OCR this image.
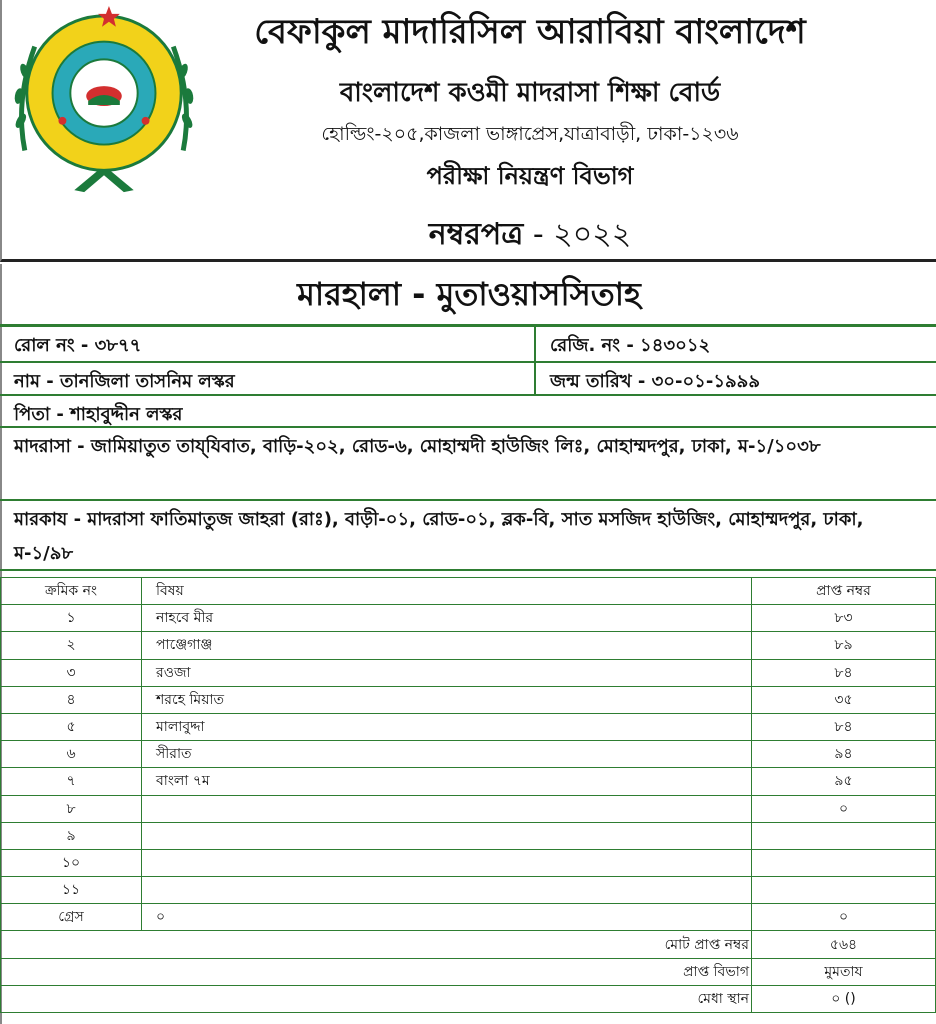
বেফাকুল মাদারিসিল আরাবিয়া বাংলাদেশ
বাংলাদেশ কওমী মাদরাসা শিক্ষা বোর্ড
হোল্ডিং-২০৫,কাজলা ভাঙ্গাপ্রেস,যাত্রাবাড়ী, ঢাকা-১২৩৬
পরীক্ষা নিয়ন্ত্রণ বিভাগ
নম্বরপত্র - ২০২২
মারহালা - মুতাওয়াসসিতাহ
রোল নং - ৩৮৭৭	রেজি. নং - ১৪৩০১২
নাম - তানজিলা তাসনিম লস্কর	জন্ম তারিখ - ৩০-০১-১৯৯৯
পিতা - শাহাবুদ্দীন লস্কর
মাদরাসা - জামিয়াতুত তায্‌যিবাত, বাড়ি-২০২, রোড-৬, মোহাম্মদী হাউজিং লিঃ, মোহাম্মদপুর, ঢাকা, ম-১/১০৩৮
মারকায - মাদরাসা ফাতিমাতুজ জাহরা (রাঃ), বাড়ী-০১, রোড-০১, ব্লক-বি, সাত মসজিদ হাউজিং, মোহাম্মদপুর, ঢাকা, ম-১/৯৮
ক্রমিক নং	বিষয়	প্রাপ্ত নম্বর
১	নাহবে মীর	৮৩
২	পাঞ্জেগাঞ্জ	৮৯
৩	রওজা	৮৪
৪	শরহে মিয়াত	৩৫
৫	মালাবুদ্দা	৮৪
৬	সীরাত	৯৪
৭	বাংলা ৭ম	৯৫
৮		০
৯		
১০		
১১		
গ্রেস	০	০
মোট প্রাপ্ত নম্বর		৫৬৪
প্রাপ্ত বিভাগ		মুমতায
মেধা স্থান		০ ()
